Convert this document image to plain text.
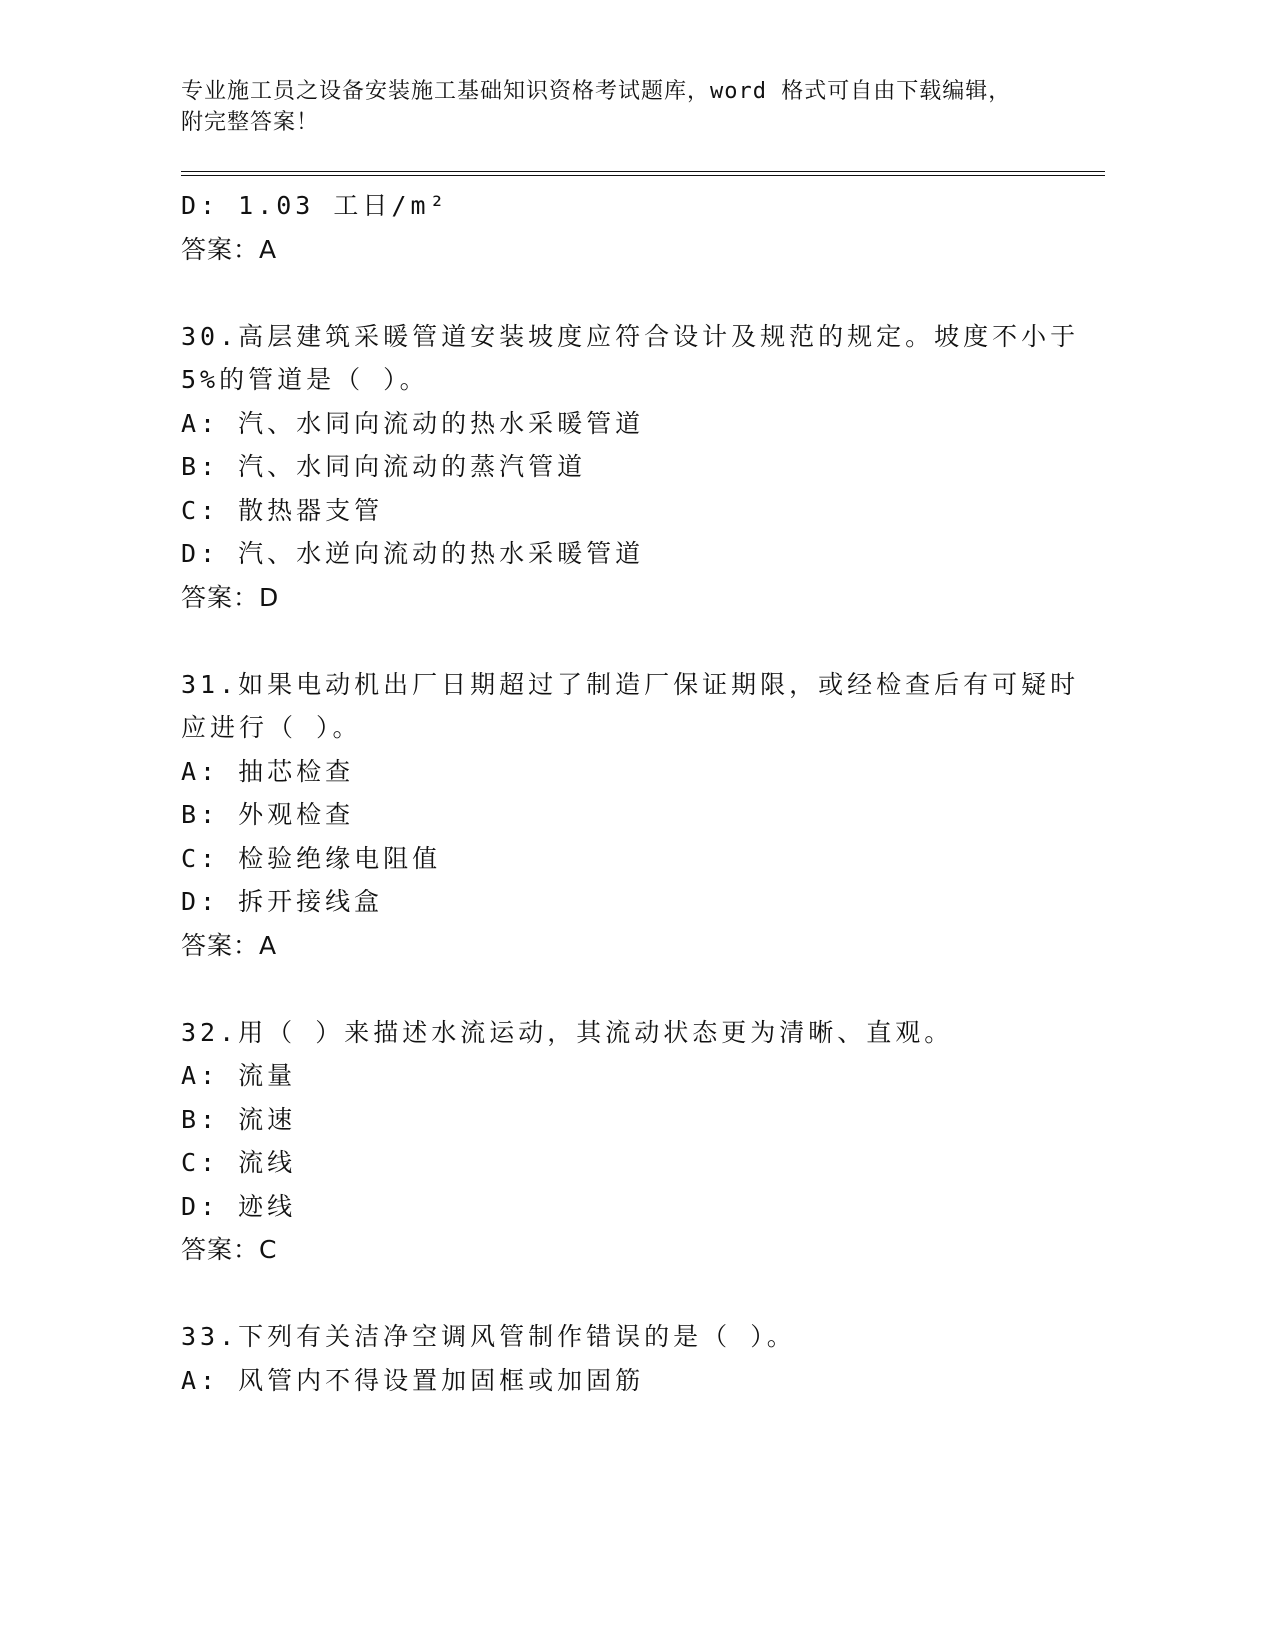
专业施工员之设备安装施工基础知识资格考试题库，word 格式可自由下载编辑，
附完整答案！
D: 1.03 工日/m²
答案：A
30.高层建筑采暖管道安装坡度应符合设计及规范的规定。坡度不小于
5%的管道是（ ）。
A: 汽、水同向流动的热水采暖管道
B: 汽、水同向流动的蒸汽管道
C: 散热器支管
D: 汽、水逆向流动的热水采暖管道
答案：D
31.如果电动机出厂日期超过了制造厂保证期限，或经检查后有可疑时
应进行（ ）。
A: 抽芯检查
B: 外观检查
C: 检验绝缘电阻值
D: 拆开接线盒
答案：A
32.用（ ）来描述水流运动，其流动状态更为清晰、直观。
A: 流量
B: 流速
C: 流线
D: 迹线
答案：C
33.下列有关洁净空调风管制作错误的是（ ）。
A: 风管内不得设置加固框或加固筋
